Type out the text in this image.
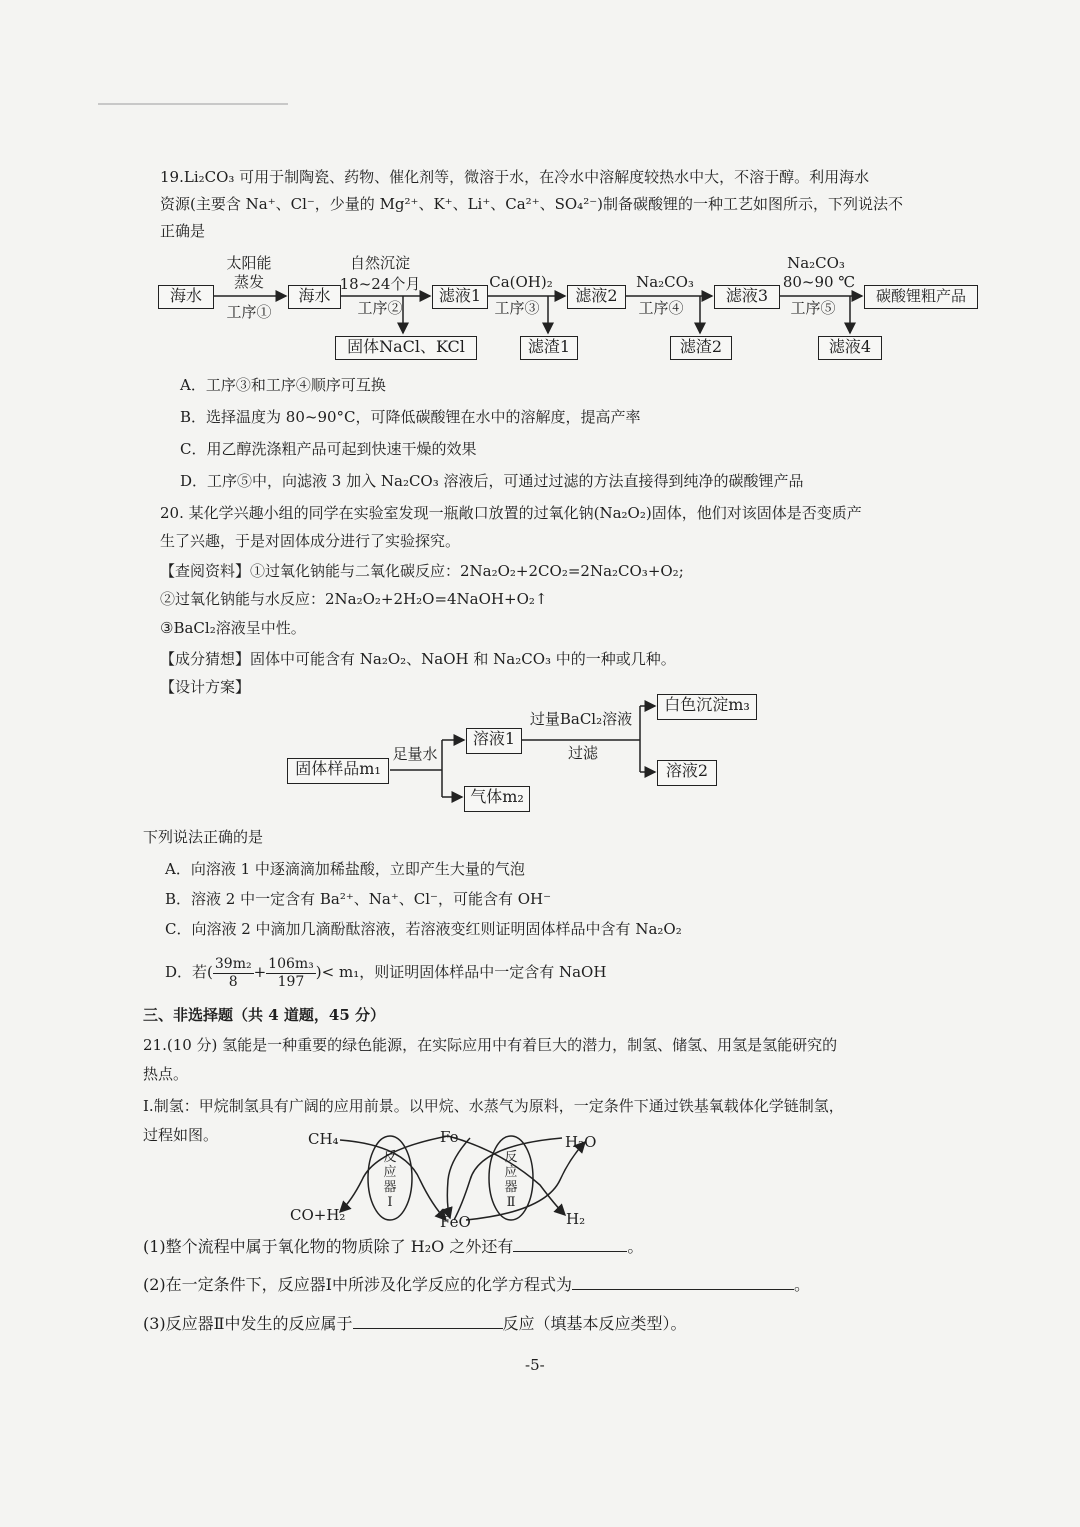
19.Li₂CO₃ 可用于制陶瓷、药物、催化剂等，微溶于水，在冷水中溶解度较热水中大，不溶于醇。利用海水
资源(主要含 Na⁺、Cl⁻，少量的 Mg²⁺、K⁺、Li⁺、Ca²⁺、SO₄²⁻)制备碳酸锂的一种工艺如图所示，下列说法不
正确是
海水	海水	滤液1	滤液2	滤液3	碳酸锂粗产品
固体NaCl、KCl	滤渣1	滤渣2	滤液4
太阳能
蒸发
工序①
自然沉淀
18~24个月
工序②
Ca(OH)₂
工序③
Na₂CO₃
工序④
Na₂CO₃
80~90 ℃
工序⑤
A．工序③和工序④顺序可互换
B．选择温度为 80~90°C，可降低碳酸锂在水中的溶解度，提高产率
C．用乙醇洗涤粗产品可起到快速干燥的效果
D．工序⑤中，向滤液 3 加入 Na₂CO₃ 溶液后，可通过过滤的方法直接得到纯净的碳酸锂产品
20. 某化学兴趣小组的同学在实验室发现一瓶敞口放置的过氧化钠(Na₂O₂)固体，他们对该固体是否变质产
生了兴趣，于是对固体成分进行了实验探究。
【查阅资料】①过氧化钠能与二氧化碳反应：2Na₂O₂+2CO₂=2Na₂CO₃+O₂;
②过氧化钠能与水反应：2Na₂O₂+2H₂O=4NaOH+O₂↑
③BaCl₂溶液呈中性。
【成分猜想】固体中可能含有 Na₂O₂、NaOH 和 Na₂CO₃ 中的一种或几种。
【设计方案】
固体样品m₁
足量水
溶液1
气体m₂
过量BaCl₂溶液
过滤
白色沉淀m₃
溶液2
下列说法正确的是
A．向溶液 1 中逐滴滴加稀盐酸，立即产生大量的气泡
B．溶液 2 中一定含有 Ba²⁺、Na⁺、Cl⁻，可能含有 OH⁻
C．向溶液 2 中滴加几滴酚酞溶液，若溶液变红则证明固体样品中含有 Na₂O₂
D．若( $\frac{\text{39m₂}}{8} + \frac{\text{106m₃}}{197}$ )< m₁，则证明固体样品中一定含有 NaOH
三、非选择题（共 4 道题，45 分）
21.(10 分) 氢能是一种重要的绿色能源，在实际应用中有着巨大的潜力，制氢、储氢、用氢是氢能研究的
热点。
Ⅰ.制氢：甲烷制氢具有广阔的应用前景。以甲烷、水蒸气为原料，一定条件下通过铁基氧载体化学链制氢，
过程如图。	CH₄
CO+H₂
Fe
FeO
H₂O
H₂
反应器Ⅰ
反应器Ⅱ
(1)整个流程中属于氧化物的物质除了 H₂O 之外还有	。
(2)在一定条件下，反应器Ⅰ中所涉及化学反应的化学方程式为	。
(3)反应器Ⅱ中发生的反应属于	反应（填基本反应类型）。
-5-
